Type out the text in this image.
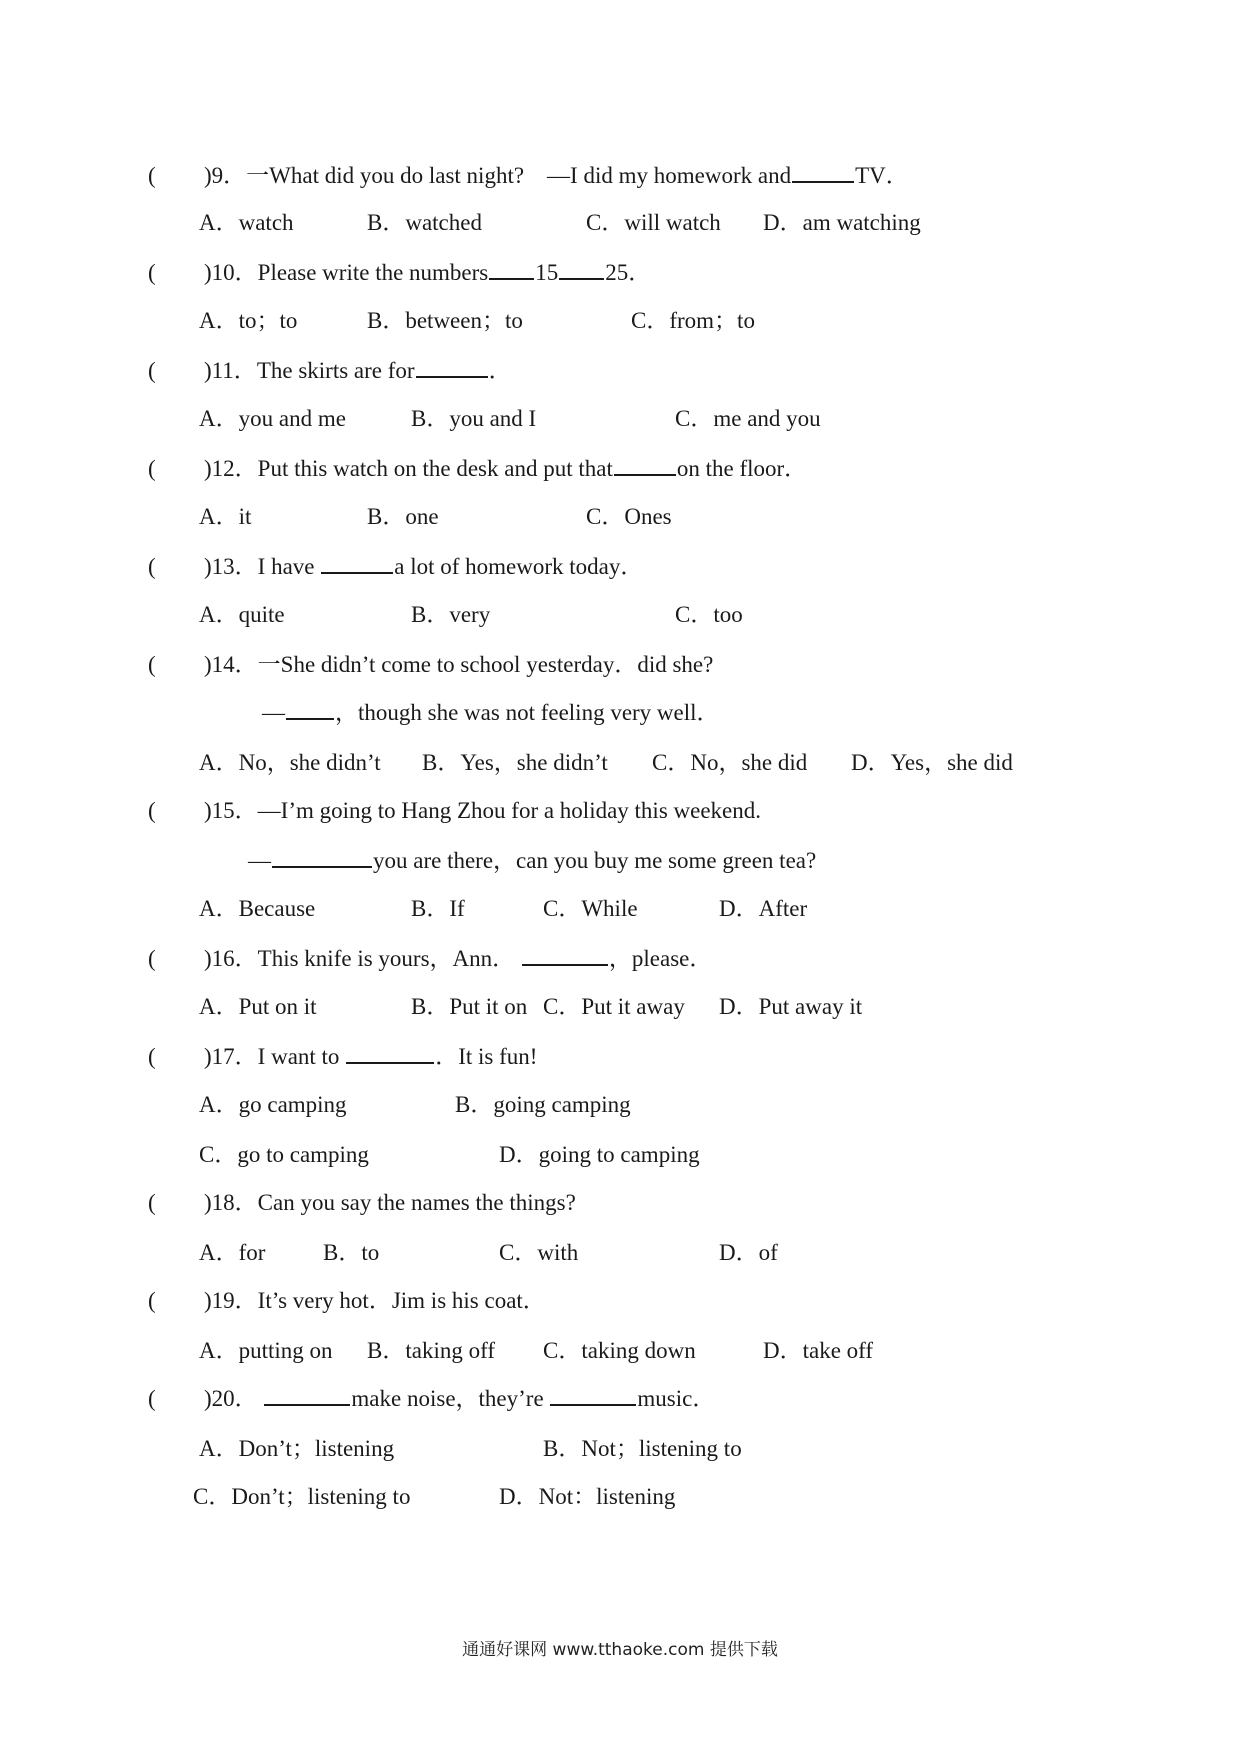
( )9．一What did you do last night?　—I did my homework and	TV．
A．watch	B．watched	C．will watch D．am watching
( )10．Please write the numbers 15 25．
A．to；to	B．between；to	C．from；to
( )11．The skirts are for	．
A．you and me	B．you and I	C．me and you
( )12．Put this watch on the desk and put that	on the floor．
A．it	B．one	C．Ones
( )13．I have	a lot of homework today．
A．quite	B．very	C．too
( )14．一She didn’t come to school yesterday．did she?
— ，though she was not feeling very well．
A．No，she didn’t B．Yes，she didn’t C．No，she did D．Yes，she did
( )15．—I’m going to Hang Zhou for a holiday this weekend.
—	you are there，can you buy me some green tea?
A．Because	B．If	C．While	D．After
( )16．This knife is yours，Ann．	，please．
A．Put on it	B．Put it on C．Put it away D．Put away it
( )17．I want to	．It is fun!
A．go camping	B．going camping
C．go to camping	D．going to camping
( )18．Can you say the names the things?
A．for	B．to	C．with	D．of
( )19．It’s very hot．Jim is his coat．
A．putting on B．taking off C．taking down	D．take off
( )20．	make noise，they’re	music．
A．Don’t；listening	B．Not；listening to
C．Don’t；listening to	D．Not：listening
通通好课网 www.tthaoke.com 提供下载
